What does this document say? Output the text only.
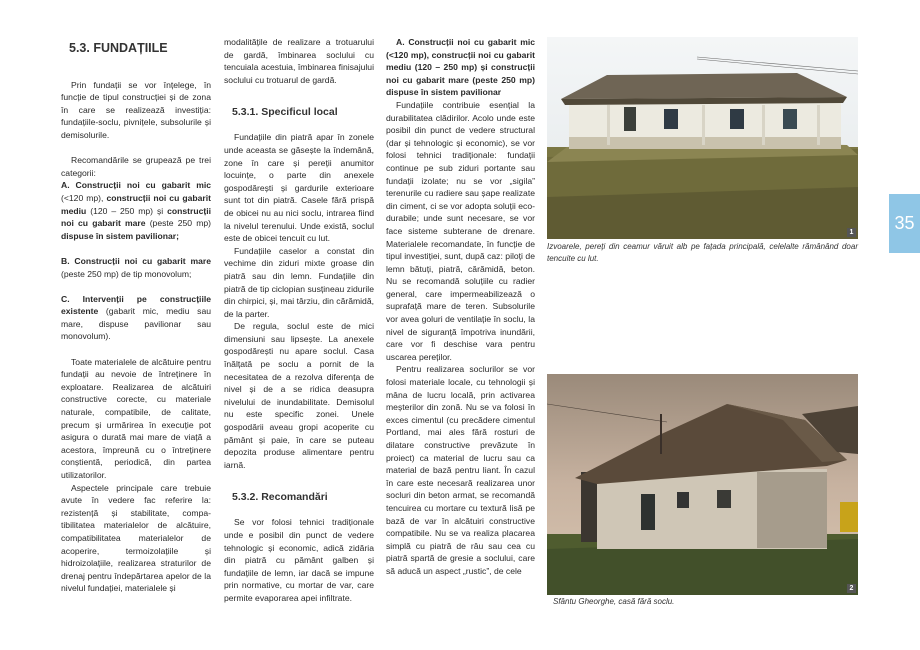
5.3. FUNDAȚIILE

Prin fundații se vor înțelege, în funcție de tipul construcției și de zona în care se realizează investiția: fundațiile-soclu, pivnițele, subsolurile și demisolurile.

Recomandările se grupează pe trei categorii:

A. Construcții noi cu gabarit mic (<120 mp), construcții noi cu gabarit mediu (120 – 250 mp) și construcții noi cu gabarit mare (peste 250 mp) dispuse în sistem pavilionar;

B. Construcții noi cu gabarit mare (peste 250 mp) de tip monovolum;

C. Intervenții pe construcțiile existente (gabarit mic, mediu sau mare, dispuse pavilionar sau monovolum).

Toate materialele de alcătuire pentru fundații au nevoie de întreținere în exploatare. Realizarea de alcătuiri constructive corecte, cu materiale naturale, compatibile, de calitate, precum și urmărirea în execuție pot asigura o durată mai mare de viață a acestora, împreună cu o întreținere conștientă, periodică, din partea utilizatorilor.

Aspectele principale care trebuie avute în vedere fac referire la: rezistență și stabilitate, compa-tibilitatea materialelor de alcătuire, compatibilitatea materialelor de acoperire, termoizolațiile și hidroizolațiile, realizarea straturilor de drenaj pentru îndepărtarea apelor de la nivelul fundației, materialele și

modalitățile de realizare a trotuarului de gardă, îmbinarea soclului cu tencuiala acestuia, îmbinarea finisajului soclului cu trotuarul de gardă.

5.3.1. Specificul local

Fundațiile din piatră apar în zonele unde aceasta se găsește la îndemână, zone în care și pereții anumitor locuințe, o parte din anexele gospodărești și gardurile exterioare sunt tot din piatră. Casele fără prispă de obicei nu au nici soclu, intrarea fiind la nivelul terenului. Unde există, soclul este de obicei tencuit cu lut.

Fundațiile caselor a constat din vechime din ziduri mixte groase din piatră sau din lemn. Fundațiile din piatră de tip ciclopian susțineau zidurile din chirpici, și, mai târziu, din cărămidă, de la parter.

De regula, soclul este de mici dimensiuni sau lipsește. La anexele gospodărești nu apare soclul. Casa înălțată pe soclu a pornit de la necesitatea de a rezolva diferența de nivel și de a se ridica deasupra nivelului de inundabilitate. Demisolul nu este specific zonei. Unele gospodării aveau gropi acoperite cu pământ și paie, în care se puteau depozita produse alimentare pentru iarnă.

5.3.2. Recomandări

Se vor folosi tehnici tradiționale unde e posibil din punct de vedere tehnologic și economic, adică zidăria din piatră cu pământ galben și fundațiile de lemn, iar dacă se impune prin normative, cu mortar de var, care permite evaporarea apei infiltrate.

A. Construcții noi cu gabarit mic (<120 mp), construcții noi cu gabarit mediu (120 – 250 mp) și construcții noi cu gabarit mare (peste 250 mp) dispuse în sistem pavilionar

Fundațiile contribuie esențial la durabilitatea clădirilor. Acolo unde este posibil din punct de vedere structural (dar și tehnologic și economic), se vor folosi tehnici tradiționale: fundații continue pe sub ziduri portante sau fundații izolate; nu se vor „sigila” terenurile cu radiere sau șape realizate din ciment, ci se vor adopta soluții eco-durabile; unde sunt necesare, se vor face sisteme subterane de drenare. Materialele recomandate, în funcție de tipul investiției, sunt, după caz: piloți de lemn bătuți, piatră, cărămidă, beton. Nu se recomandă soluțiile cu radier general, care impermeabilizează o suprafață mare de teren. Subsolurile vor avea goluri de ventilație în soclu, la nivel de siguranță împotriva inundării, care vor fi deschise vara pentru uscarea pereților.

Pentru realizarea soclurilor se vor folosi materiale locale, cu tehnologii și mâna de lucru locală, prin activarea meșterilor din zonă. Nu se va folosi în exces cimentul (cu precădere cimentul Portland, mai ales fără rosturi de dilatare constructive prevăzute în proiect) ca material de lucru sau ca material de bază pentru liant. În cazul în care este necesară realizarea unor socluri din beton armat, se recomandă tencuirea cu mortare cu textură lisă pe bază de var în alcătuiri constructive compatibile. Nu se va realiza placarea simplă cu piatră de râu sau cea cu piatră spartă de gresie a soclului, care să aducă un aspect „rustic”, de cele

1
Izvoarele, pereți din ceamur văruit alb pe fațada principală, celelalte rămânând doar tencuite cu lut.
2
Sfântu Gheorghe, casă fără soclu.
35
